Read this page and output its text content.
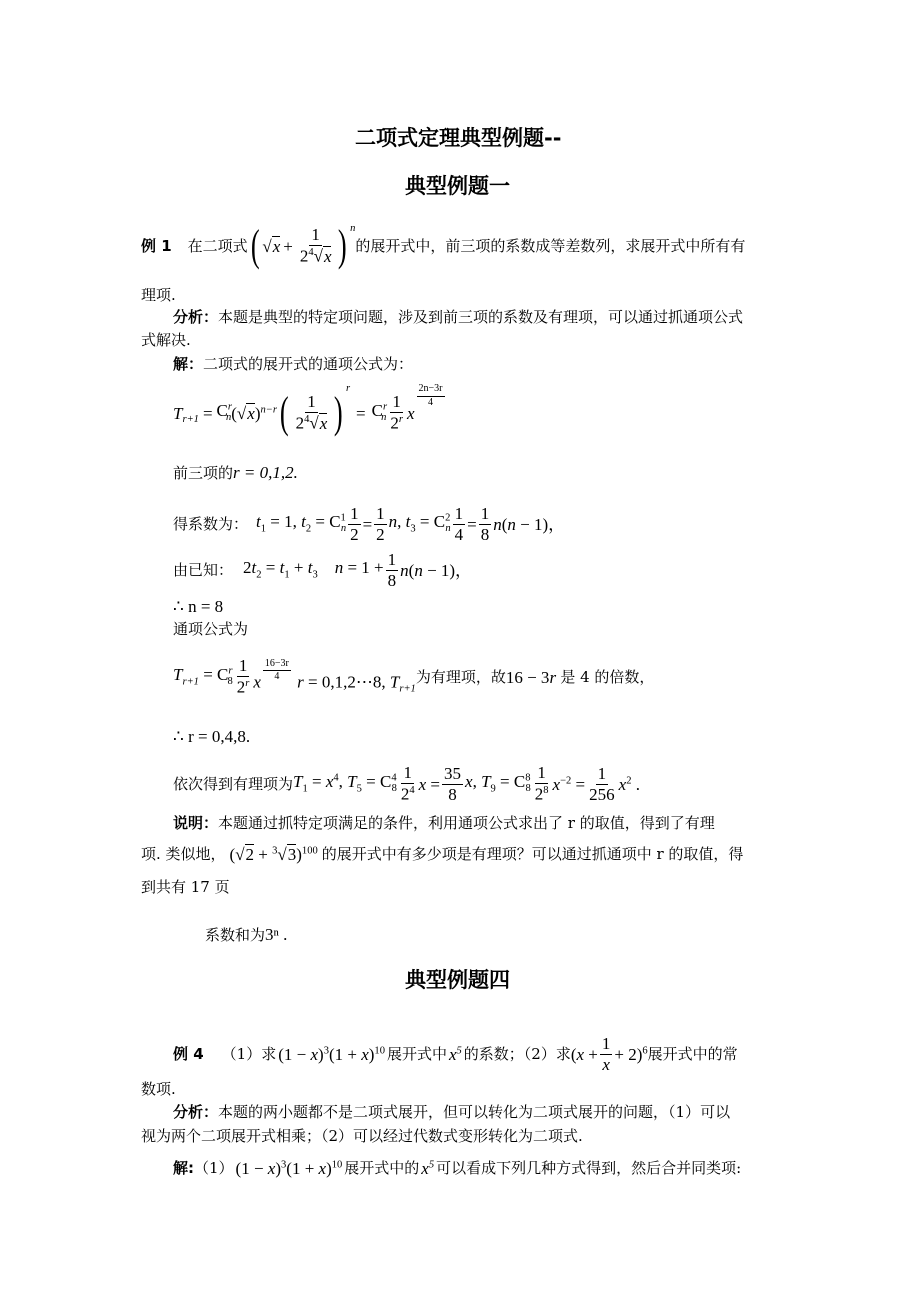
二项式定理典型例题--
典型例题一
例 1 在二项式 ( $√x + \frac{1}{2^4√x}$ ) $^n$
的展开式中，前三项的系数成等差数列，求展开式中所有有
理项.
分析：本题是典型的特定项问题，涉及到前三项的系数及有理项，可以通过抓通项公式
式解决.
解：二项式的展开式的通项公式为：
$T_{r+1} = C^r_n$ $(√x)^{n-r}$ ( $\frac{1}{2^4√x}$ ) $^r$
= $C^r_n \frac{1}{2^r}$ x
$^{\frac{2n-3r}{4}}$
前三项的r = 0,1,2.
得系数为： $t_1 = 1$, $t_2 = C^1_n \frac{1}{2} = \frac{1}{2} n$, $t_3 = C^2_n \frac{1}{4} = \frac{1}{8} n(n - 1)$，
由已知： $2t_2 = t_1 + t_3$ $n = 1 + \frac{1}{8} n(n - 1)$，
∴ n = 8
通项公式为
$T_{r+1} = C^r_8 \frac{1}{2^r}$ x $^{\frac{16-3r}{4}}$ r = 0,1,2⋯8, $T_{r+1}$
为有理项，故 16 − 3r 是 4 的倍数，
∴ r = 0,4,8.
依次得到有理项为 $T_1 = x^4$, $T_5 = C^4_8 \frac{1}{2^4}$ $x = \frac{35}{8} x$, $T_9 = C^8_8 \frac{1}{2^8} x^{-2} = \frac{1}{256} x^2$ .
说明：本题通过抓特定项满足的条件，利用通项公式求出了 r 的取值，得到了有理
项. 类似地， $(√2 + ^3√3)^{100}$ 的展开式中有多少项是有理项？可以通过抓通项中 r 的取值，得
到共有 17 页
系数和为3ⁿ .
典型例题四
例 4 （1）求 $(1 - x)^3(1 + x)^{10}$ 展开式中 $x^5$ 的系数；（2）求 $(x + \frac{1}{x} + 2)^6$ 展开式中的常
数项.
分析：本题的两小题都不是二项式展开，但可以转化为二项式展开的问题，（1）可以
视为两个二项展开式相乘；（2）可以经过代数式变形转化为二项式.
解: （1） $(1 - x)^3(1 + x)^{10}$ 展开式中的 $x^5$ 可以看成下列几种方式得到，然后合并同类项:
